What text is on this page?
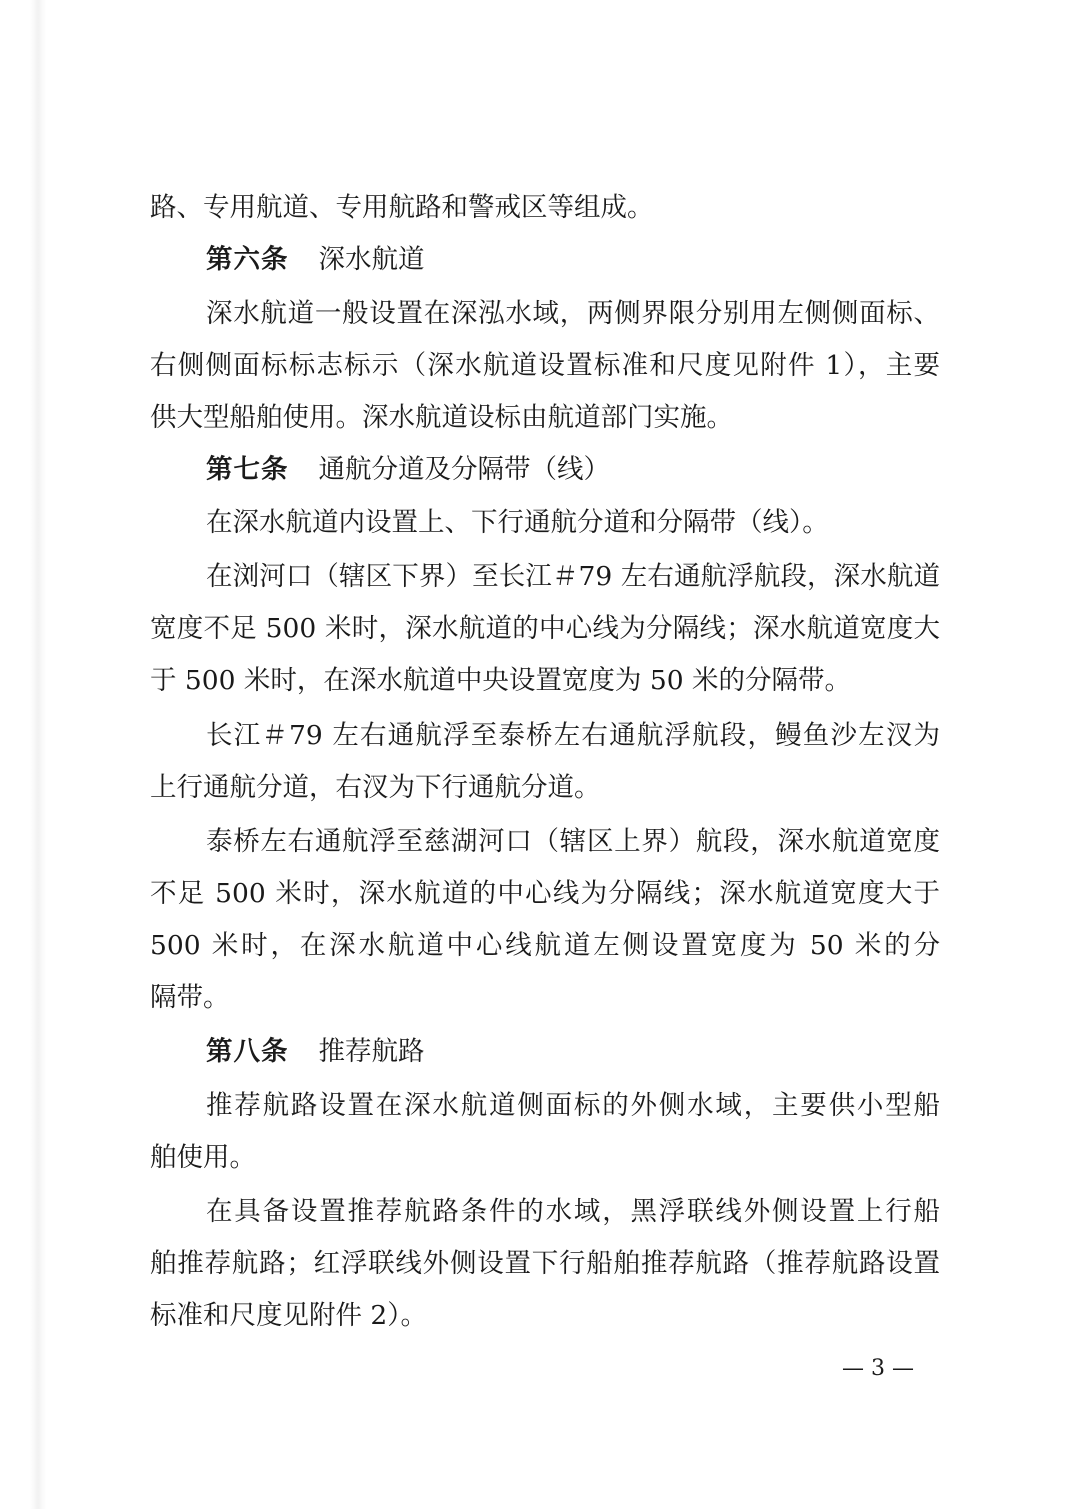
路、专用航道、专用航路和警戒区等组成。
第六条 深水航道
深水航道一般设置在深泓水域，两侧界限分别用左侧侧面标、
右侧侧面标标志标示（深水航道设置标准和尺度见附件 1），主要
供大型船舶使用。深水航道设标由航道部门实施。
第七条 通航分道及分隔带（线）
在深水航道内设置上、下行通航分道和分隔带（线）。
在浏河口（辖区下界）至长江＃79 左右通航浮航段，深水航道
宽度不足 500 米时，深水航道的中心线为分隔线；深水航道宽度大
于 500 米时，在深水航道中央设置宽度为 50 米的分隔带。
长江＃79 左右通航浮至泰桥左右通航浮航段，鳗鱼沙左汊为
上行通航分道，右汊为下行通航分道。
泰桥左右通航浮至慈湖河口（辖区上界）航段，深水航道宽度
不足 500 米时，深水航道的中心线为分隔线；深水航道宽度大于
500 米时，在深水航道中心线航道左侧设置宽度为 50 米的分
隔带。
第八条 推荐航路
推荐航路设置在深水航道侧面标的外侧水域，主要供小型船
舶使用。
在具备设置推荐航路条件的水域，黑浮联线外侧设置上行船
舶推荐航路；红浮联线外侧设置下行船舶推荐航路（推荐航路设置
标准和尺度见附件 2）。
— 3 —
